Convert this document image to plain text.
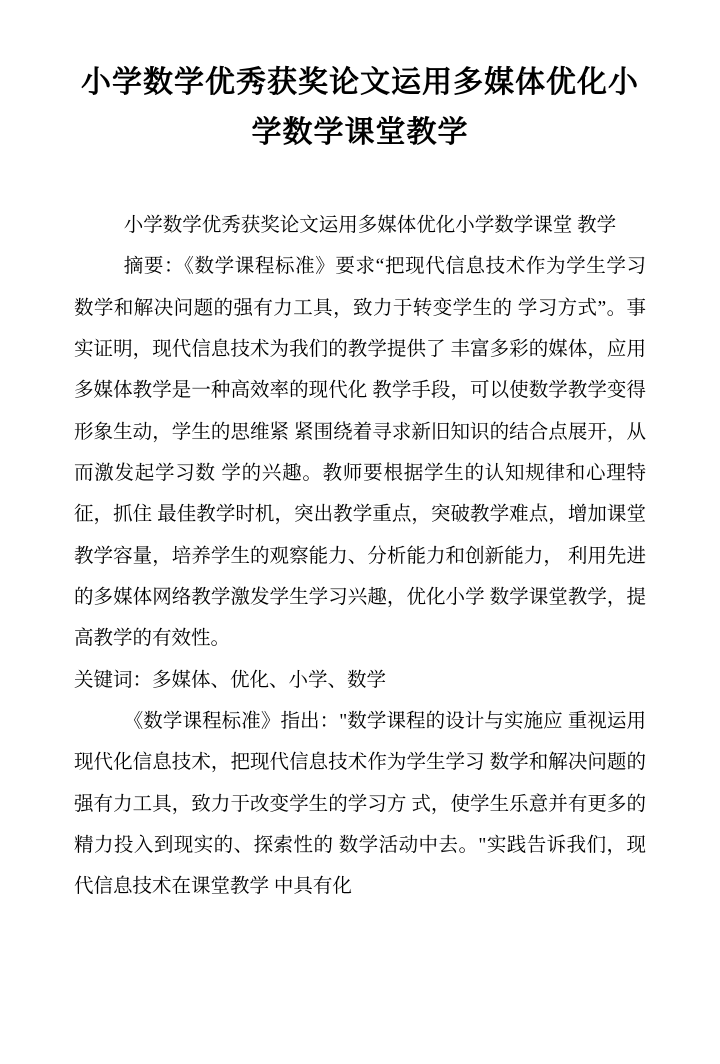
小学数学优秀获奖论文运用多媒体优化小学数学课堂教学

小学数学优秀获奖论文运用多媒体优化小学数学课堂 教学

摘要：《数学课程标准》要求“把现代信息技术作为学生学习数学和解决问题的强有力工具，致力于转变学生的 学习方式”。事实证明，现代信息技术为我们的教学提供了 丰富多彩的媒体，应用多媒体教学是一种高效率的现代化 教学手段，可以使数学教学变得形象生动，学生的思维紧 紧围绕着寻求新旧知识的结合点展开，从而激发起学习数 学的兴趣。教师要根据学生的认知规律和心理特征，抓住 最佳教学时机，突出教学重点，突破教学难点，增加课堂 教学容量，培养学生的观察能力、分析能力和创新能力， 利用先进的多媒体网络教学激发学生学习兴趣，优化小学 数学课堂教学，提高教学的有效性。

关键词：多媒体、优化、小学、数学

《数学课程标准》指出："数学课程的设计与实施应 重视运用现代化信息技术，把现代信息技术作为学生学习 数学和解决问题的强有力工具，致力于改变学生的学习方 式，使学生乐意并有更多的精力投入到现实的、探索性的 数学活动中去。"实践告诉我们，现代信息技术在课堂教学 中具有化
